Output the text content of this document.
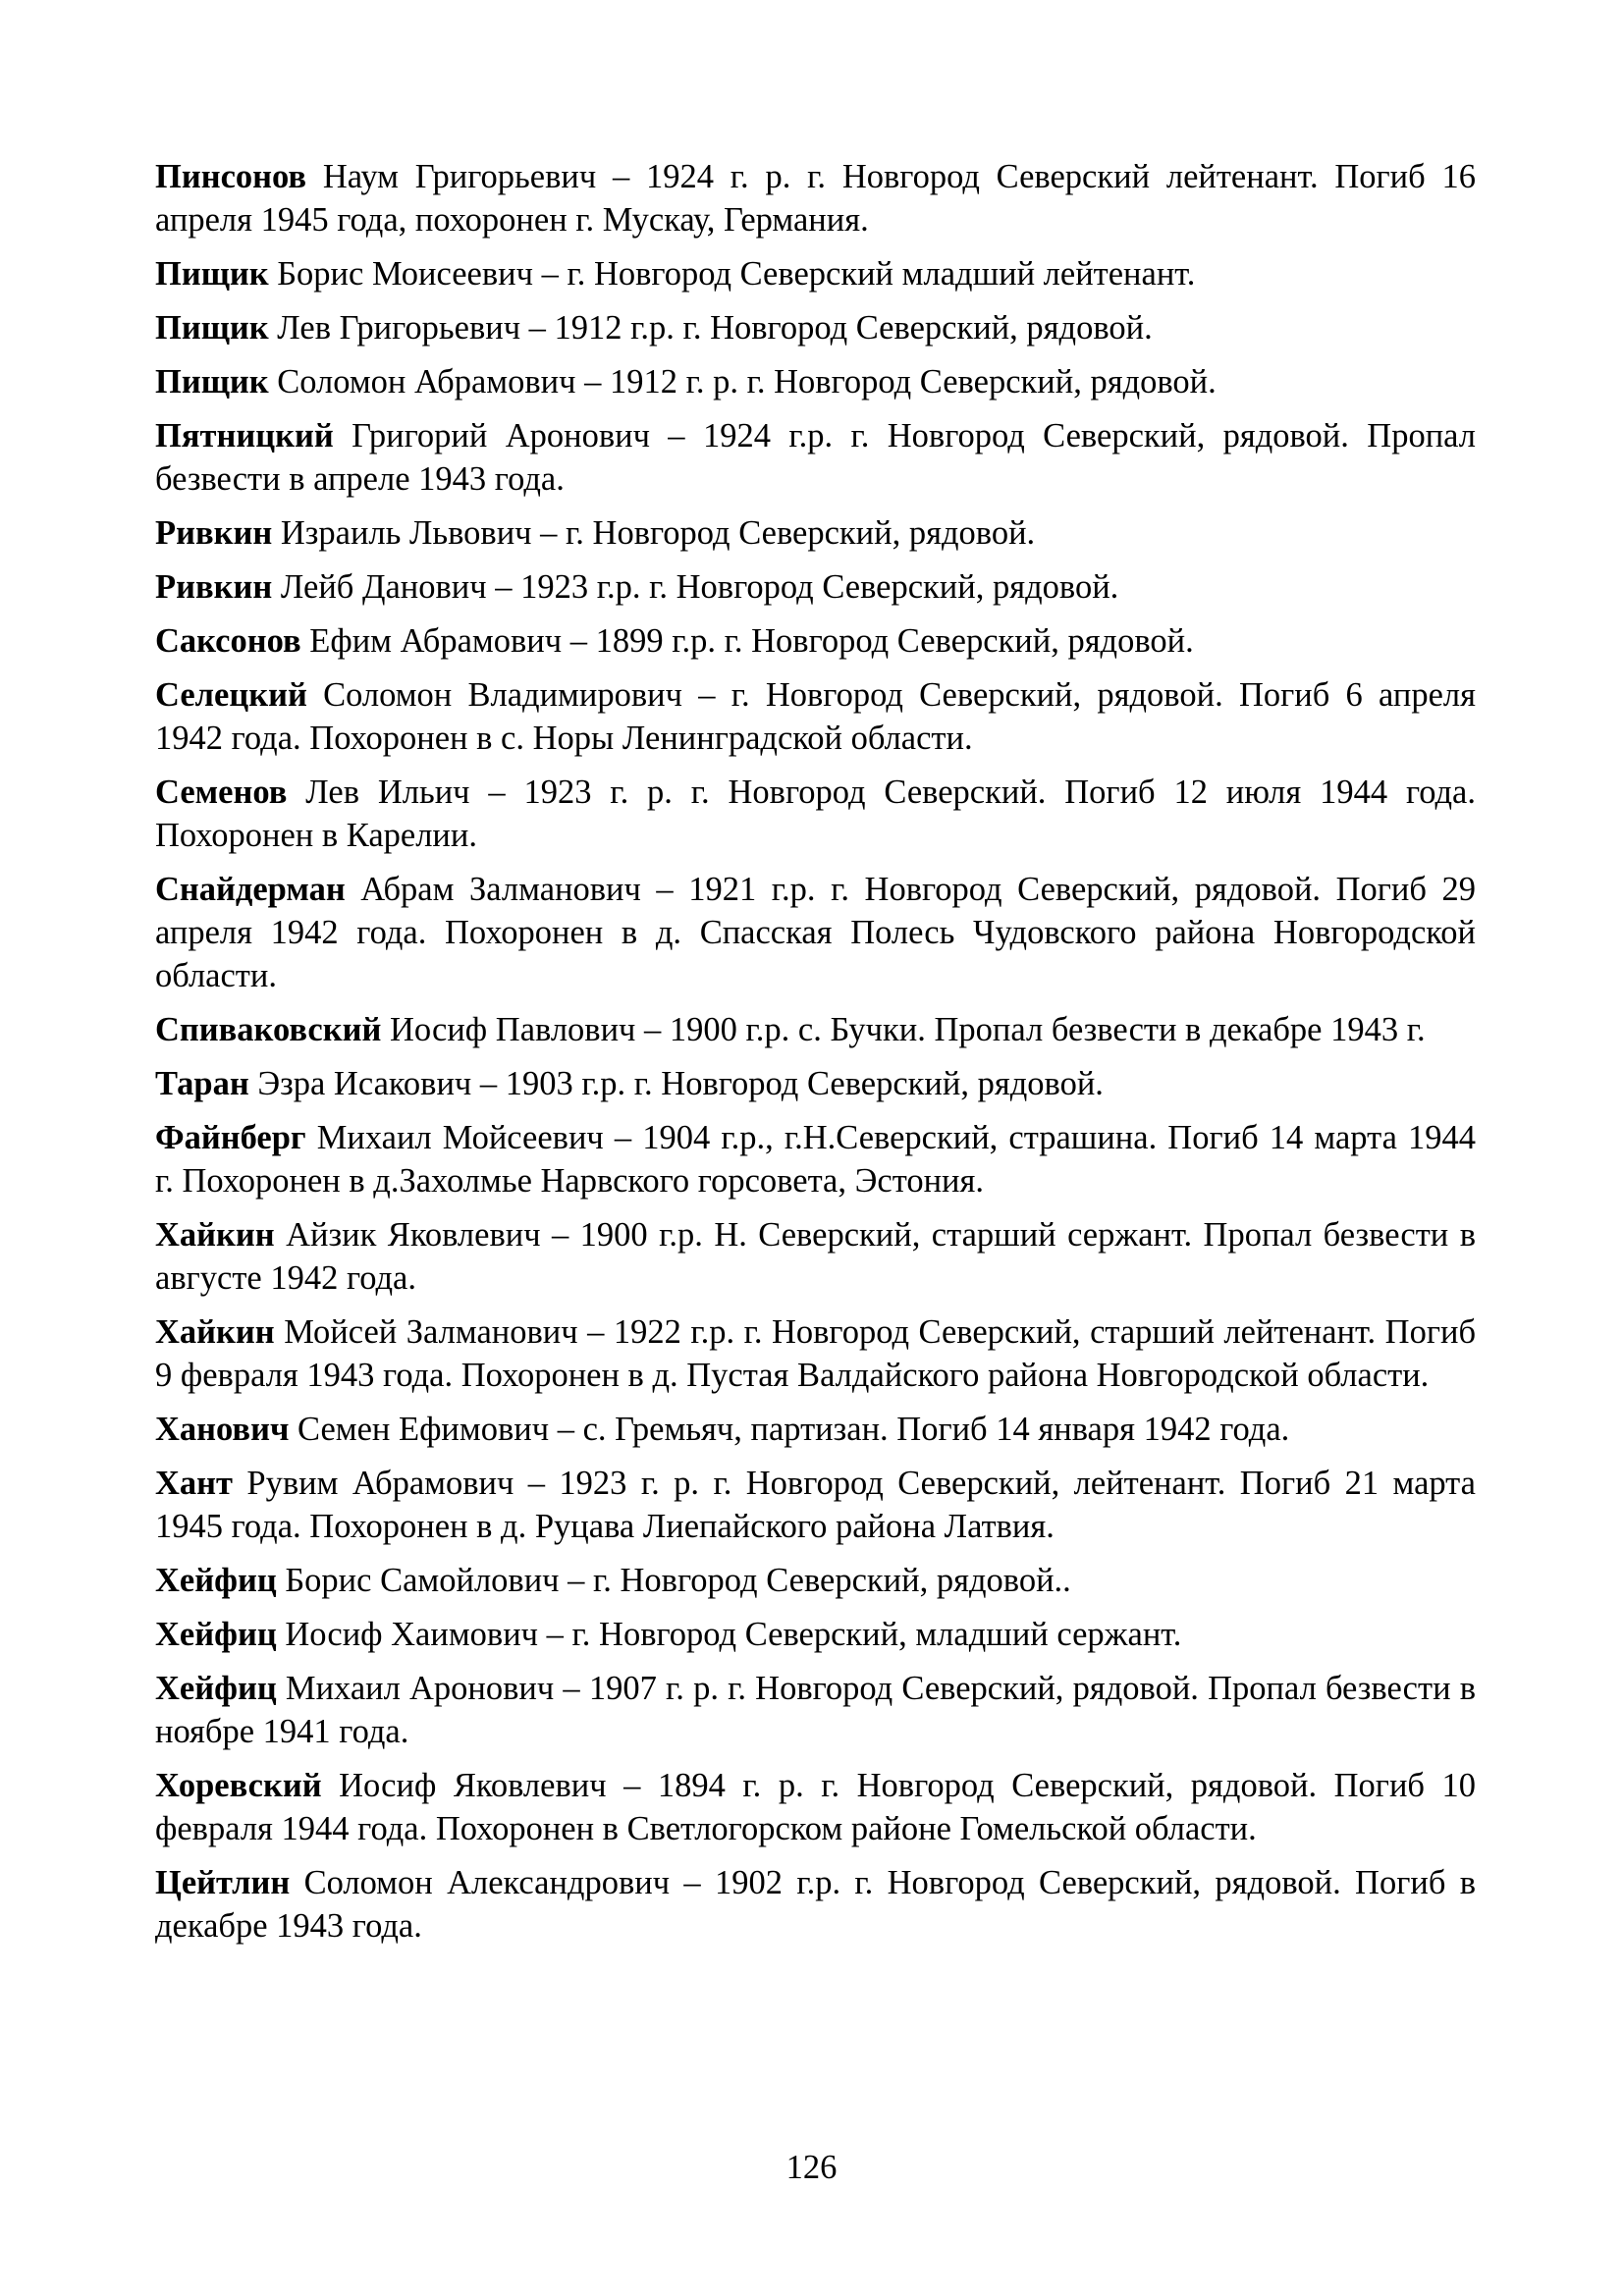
Пинсонов Наум Григорьевич – 1924 г. р. г. Новгород Северский лейтенант. Погиб 16 апреля 1945 года, похоронен г. Мускау, Германия.

Пищик Борис Моисеевич – г. Новгород Северский младший лейтенант.

Пищик Лев Григорьевич – 1912 г.р. г. Новгород Северский, рядовой.

Пищик Соломон Абрамович – 1912 г. р. г. Новгород Северский, рядовой.

Пятницкий Григорий Аронович – 1924 г.р. г. Новгород Северский, рядовой. Пропал безвести в апреле 1943 года.

Ривкин Израиль Львович – г. Новгород Северский, рядовой.

Ривкин Лейб Данович – 1923 г.р. г. Новгород Северский, рядовой.

Саксонов Ефим Абрамович – 1899 г.р. г. Новгород Северский, рядовой.

Селецкий Соломон Владимирович – г. Новгород Северский, рядовой. Погиб 6 апреля 1942 года. Похоронен в с. Норы Ленинградской области.

Семенов Лев Ильич – 1923 г. р. г. Новгород Северский. Погиб 12 июля 1944 года. Похоронен в Карелии.

Снайдерман Абрам Залманович – 1921 г.р. г. Новгород Северский, рядовой. Погиб 29 апреля 1942 года. Похоронен в д. Спасская Полесь Чудовского района Новгородской области.

Спиваковский Иосиф Павлович – 1900 г.р. с. Бучки. Пропал безвести в декабре 1943 г.

Таран Эзра Исакович – 1903 г.р. г. Новгород Северский, рядовой.

Файнберг Михаил Мойсеевич – 1904 г.р., г.Н.Северский, страшина. Погиб 14 марта 1944 г. Похоронен в д.Захолмье Нарвского горсовета, Эстония.

Хайкин Айзик Яковлевич – 1900 г.р. Н. Северский, старший сержант. Пропал безвести в августе 1942 года.

Хайкин Мойсей Залманович – 1922 г.р. г. Новгород Северский, старший лейтенант. Погиб 9 февраля 1943 года. Похоронен в д. Пустая Валдайского района Новгородской области.

Ханович Семен Ефимович – с. Гремьяч, партизан. Погиб 14 января 1942 года.

Хант Рувим Абрамович – 1923 г. р. г. Новгород Северский, лейтенант. Погиб 21 марта 1945 года. Похоронен в д. Руцава Лиепайского района Латвия.

Хейфиц Борис Самойлович – г. Новгород Северский, рядовой..

Хейфиц Иосиф Хаимович – г. Новгород Северский, младший сержант.

Хейфиц Михаил Аронович – 1907 г. р. г. Новгород Северский, рядовой. Пропал безвести в ноябре 1941 года.

Хоревский Иосиф Яковлевич – 1894 г. р. г. Новгород Северский, рядовой. Погиб 10 февраля 1944 года. Похоронен в Светлогорском районе Гомельской области.

Цейтлин Соломон Александрович – 1902 г.р. г. Новгород Северский, рядовой. Погиб в декабре 1943 года.

126
